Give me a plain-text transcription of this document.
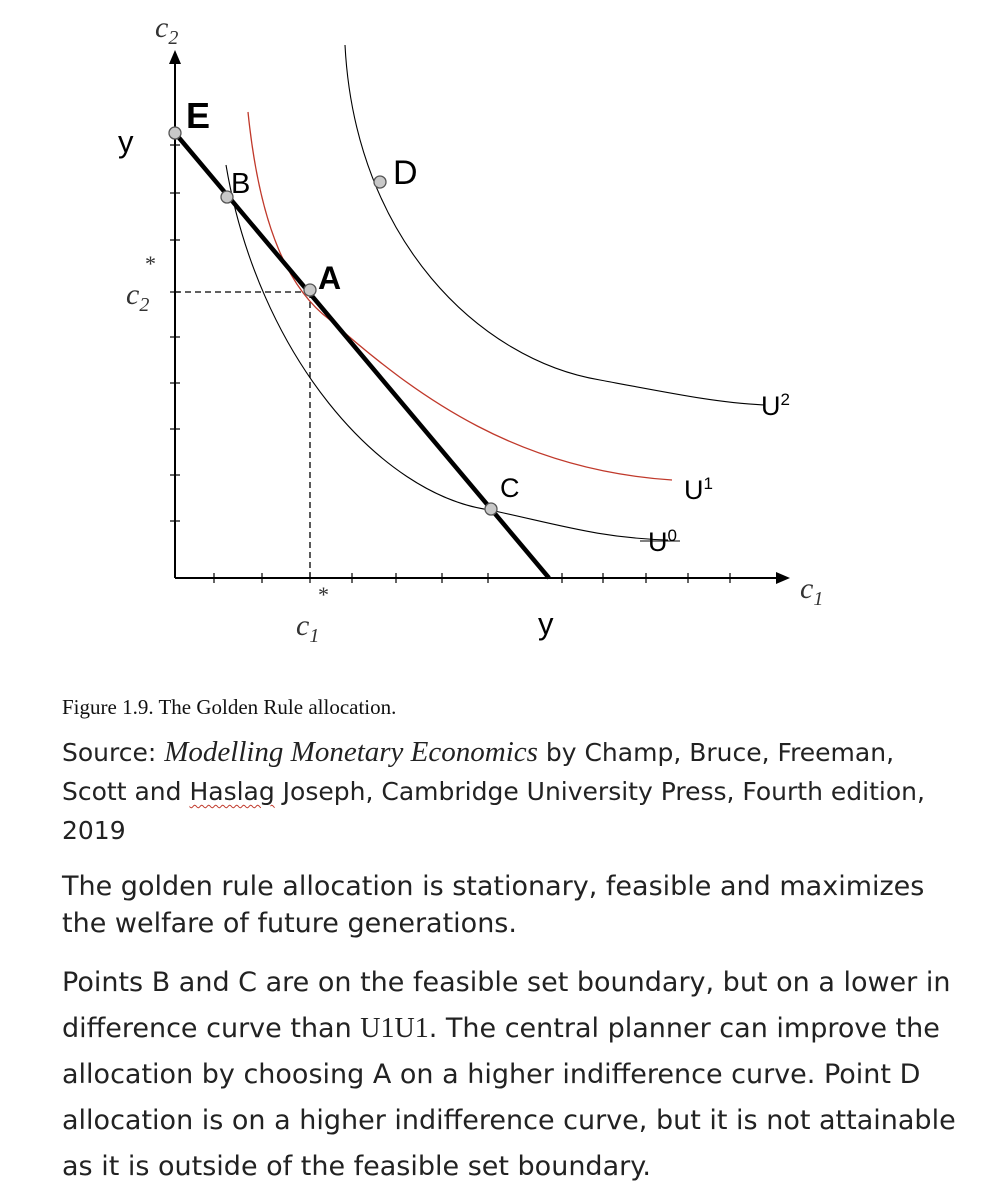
E
B
A
C
D
$U^0$
$U^1$
$U^2$
$c_2$
$c_1$
y
y
$c_2$
*
$c_1$
*
Figure 1.9. The Golden Rule allocation.
Source: Modelling Monetary Economics by Champ, Bruce, Freeman, Scott and Haslag Joseph, Cambridge University Press, Fourth edition, 2019
The golden rule allocation is stationary, feasible and maximizes the welfare of future generations.
Points B and C are on the feasible set boundary, but on a lower in difference curve than U1U1. The central planner can improve the allocation by choosing A on a higher indifference curve. Point D allocation is on a higher indifference curve, but it is not attainable as it is outside of the feasible set boundary.
